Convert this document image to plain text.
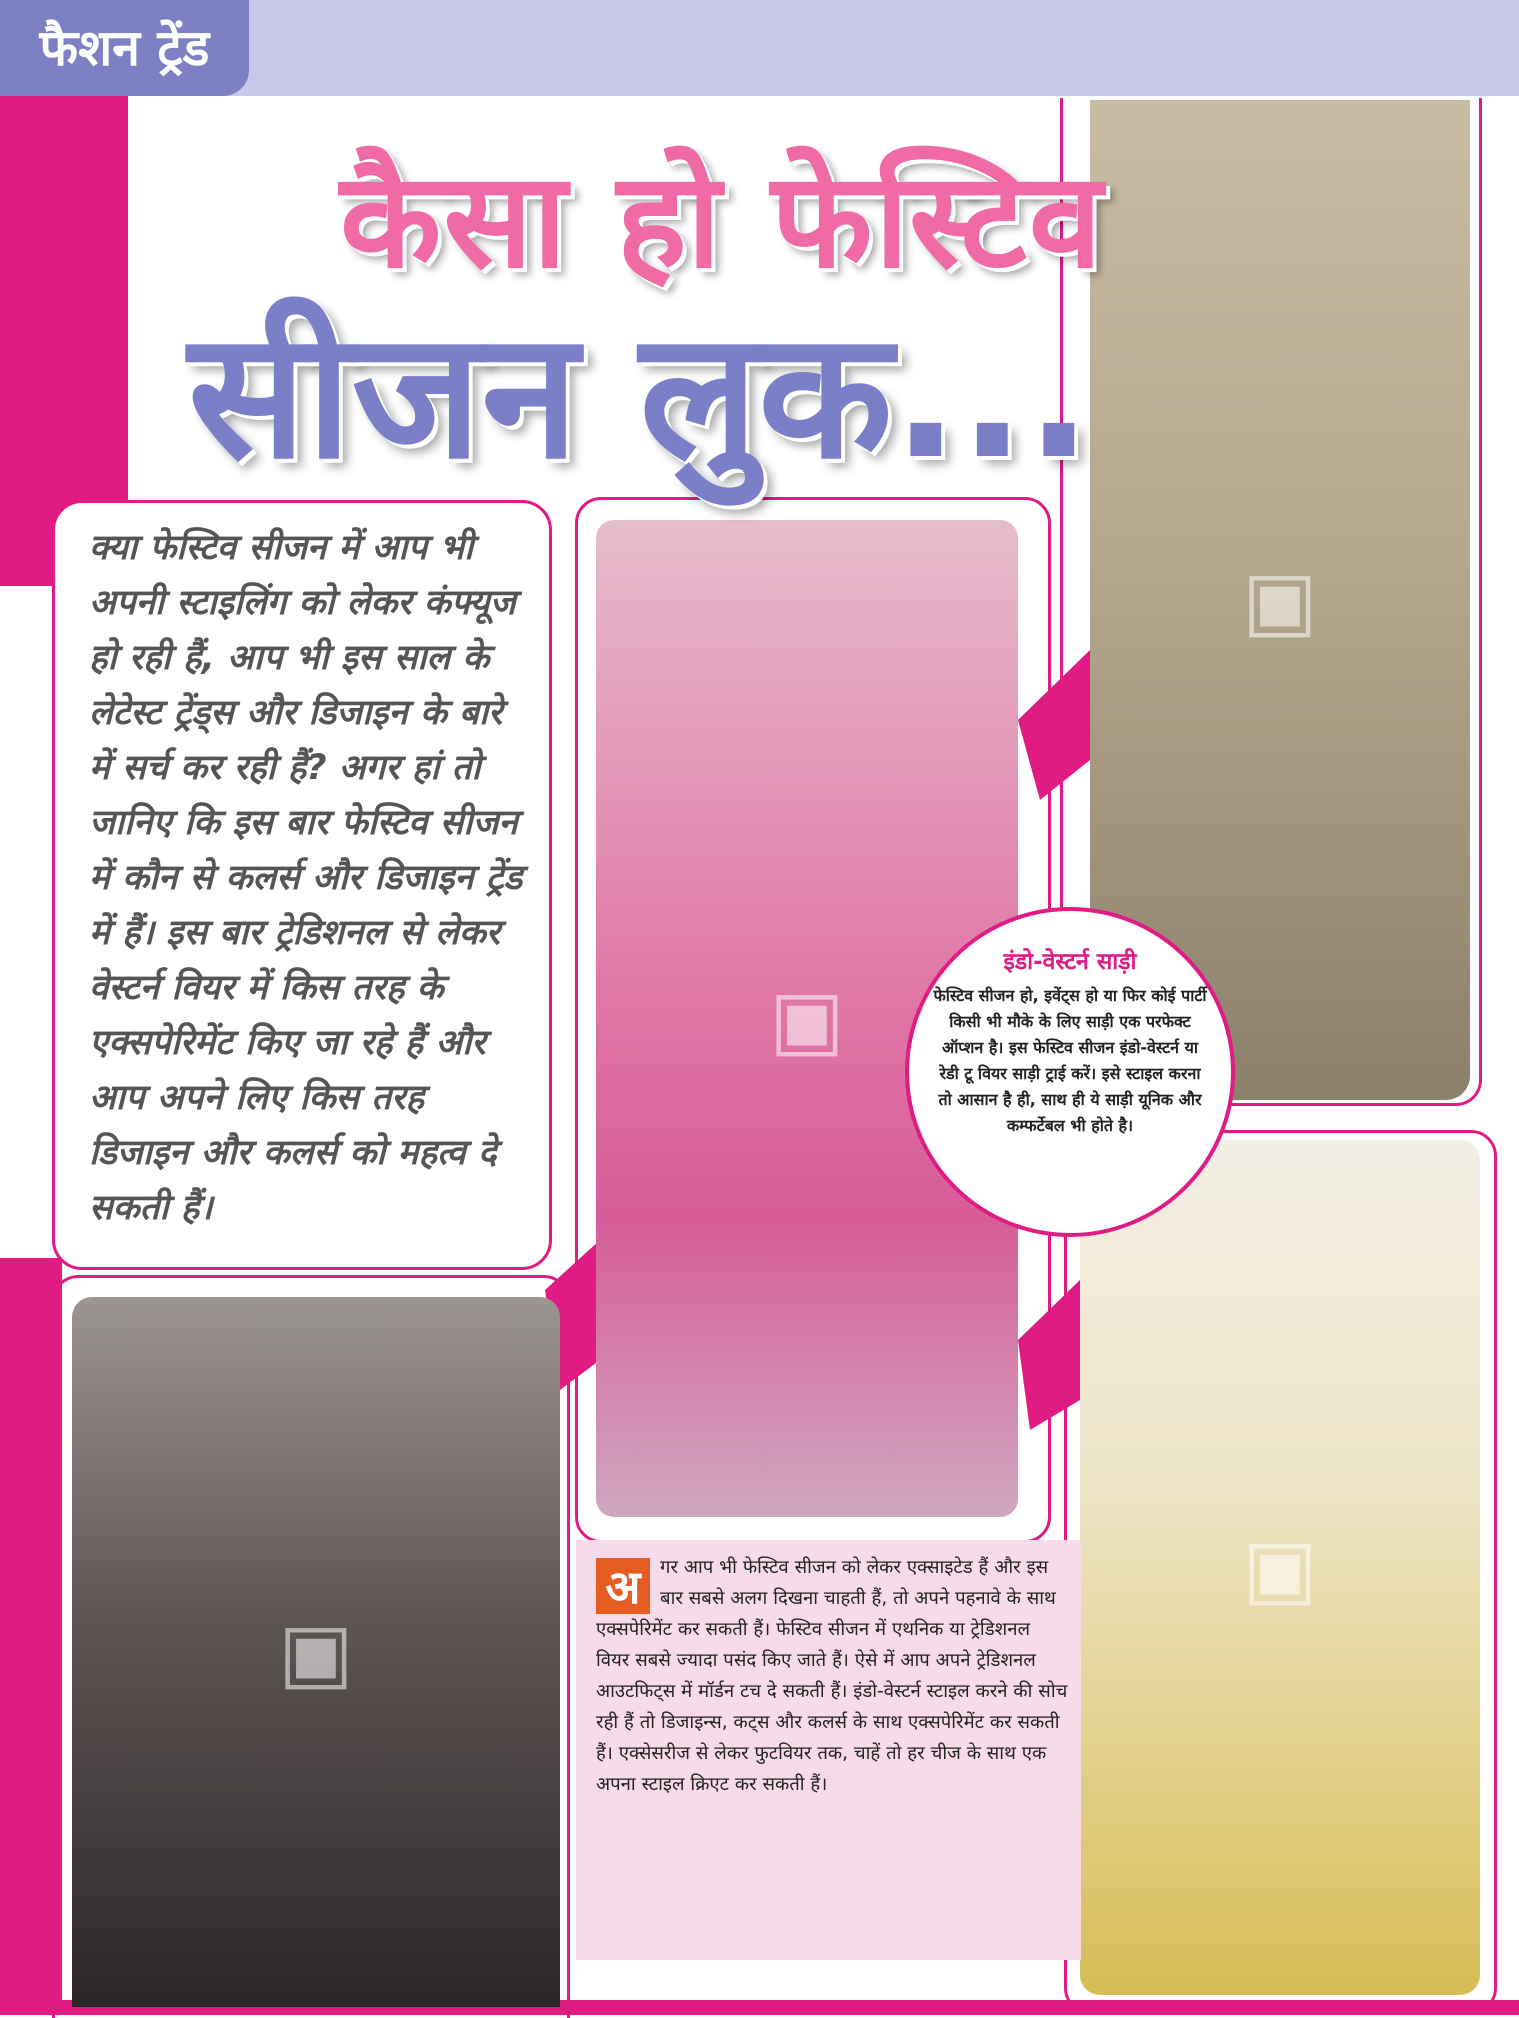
फैशन ट्रेंड
▣
▣
▣
▣
कैसा हो फेस्टिव
सीजन लुक...

क्या फेस्टिव सीजन में आप भी अपनी स्टाइलिंग को लेकर कंफ्यूज हो रही हैं, आप भी इस साल के लेटेस्ट ट्रेंड्स और डिजाइन के बारे में सर्च कर रही हैं? अगर हां तो जानिए कि इस बार फेस्टिव सीजन में कौन से कलर्स और डिजाइन ट्रेंड में हैं। इस बार ट्रेडिशनल से लेकर वेस्टर्न वियर में किस तरह के एक्सपेरिमेंट किए जा रहे हैं और आप अपने लिए किस तरह डिजाइन और कलर्स को महत्व दे सकती हैं।

इंडो-वेस्टर्न साड़ी

फेस्टिव सीजन हो, इवेंट्स हो या फिर कोई पार्टी किसी भी मौके के लिए साड़ी एक परफेक्ट ऑप्शन है। इस फेस्टिव सीजन इंडो-वेस्टर्न या रेडी टू वियर साड़ी ट्राई करें। इसे स्टाइल करना तो आसान है ही, साथ ही ये साड़ी यूनिक और कम्फर्टेबल भी होते है।

अ	गर आप भी फेस्टिव सीजन को लेकर एक्साइटेड हैं और इस बार सबसे अलग दिखना चाहती हैं, तो अपने पहनावे के साथ एक्सपेरिमेंट कर सकती हैं। फेस्टिव सीजन में एथनिक या ट्रेडिशनल वियर सबसे ज्यादा पसंद किए जाते हैं। ऐसे में आप अपने ट्रेडिशनल आउटफिट्स में मॉर्डन टच दे सकती हैं। इंडो-वेस्टर्न स्टाइल करने की सोच रही हैं तो डिजाइन्स, कट्स और कलर्स के साथ एक्सपेरिमेंट कर सकती हैं। एक्सेसरीज से लेकर फुटवियर तक, चाहें तो हर चीज के साथ एक अपना स्टाइल क्रिएट कर सकती हैं।
